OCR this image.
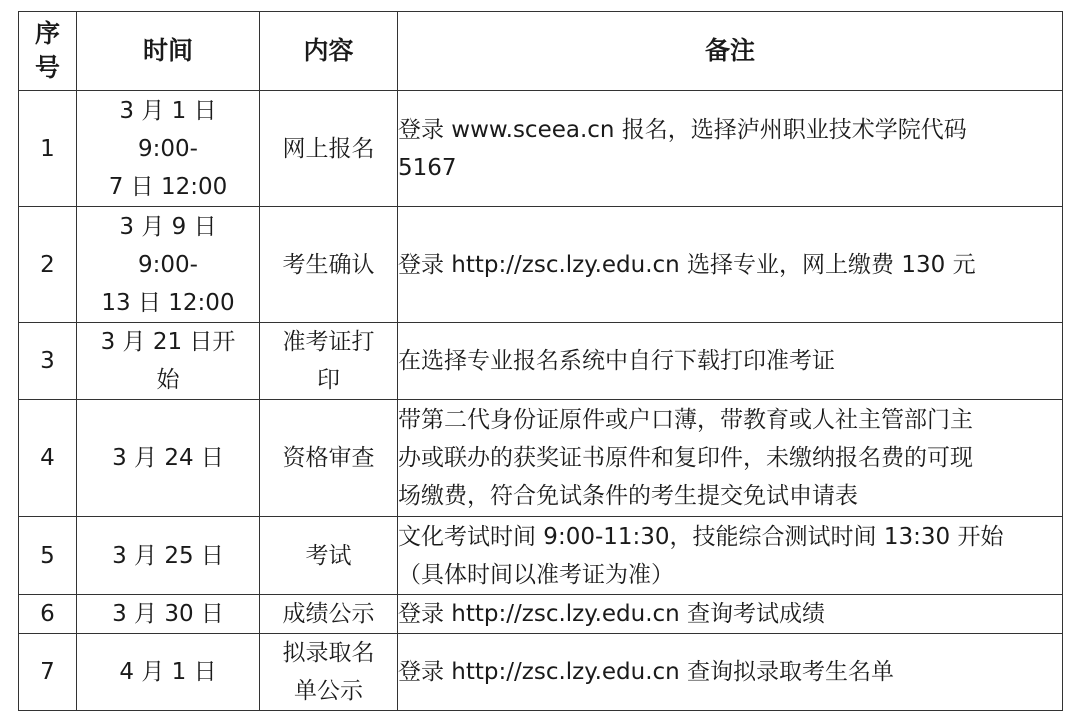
序
号	时间	内容	备注
1	3 月 1 日
9:00-
7 日 12:00	网上报名	登录 www.sceea.cn 报名，选择泸州职业技术学院代码
5167

2	3 月 9 日
9:00-
13 日 12:00	考生确认	登录 http://zsc.lzy.edu.cn 选择专业，网上缴费 130 元

3	3 月 21 日开
始	准考证打
印	在选择专业报名系统中自行下载打印准考证

4	3 月 24 日	资格审查	带第二代身份证原件或户口薄，带教育或人社主管部门主
办或联办的获奖证书原件和复印件，未缴纳报名费的可现
场缴费，符合免试条件的考生提交免试申请表

5	3 月 25 日	考试	文化考试时间 9:00-11:30，技能综合测试时间 13:30 开始
（具体时间以准考证为准）

6	3 月 30 日	成绩公示	登录 http://zsc.lzy.edu.cn 查询考试成绩

7	4 月 1 日	拟录取名
单公示	登录 http://zsc.lzy.edu.cn 查询拟录取考生名单
